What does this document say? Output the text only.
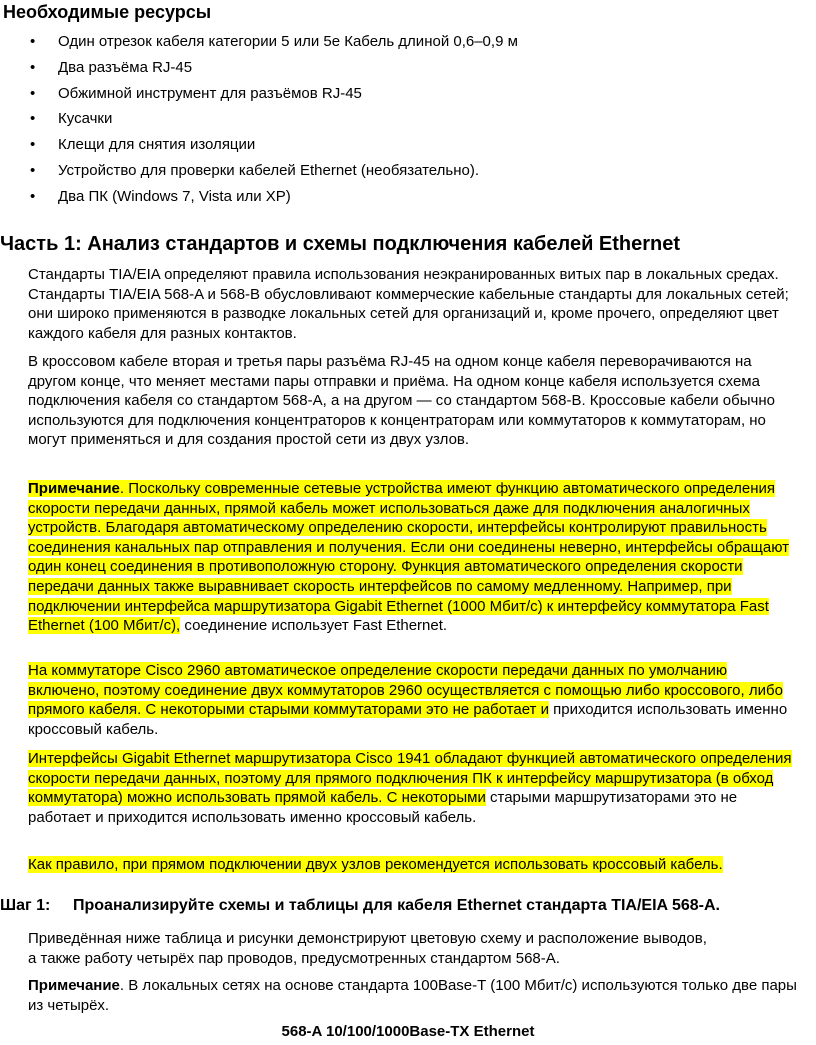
Необходимые ресурсы
• Один отрезок кабеля категории 5 или 5е Кабель длиной 0,6–0,9 м
• Два разъёма RJ-45
• Обжимной инструмент для разъёмов RJ-45
• Кусачки
• Клещи для снятия изоляции
• Устройство для проверки кабелей Ethernet (необязательно).
• Два ПК (Windows 7, Vista или XP)
Часть 1: Анализ стандартов и схемы подключения кабелей Ethernet

Стандарты TIA/EIA определяют правила использования неэкранированных витых пар в локальных средах. Стандарты TIA/EIA 568-A и 568-B обусловливают коммерческие кабельные стандарты для локальных сетей; они широко применяются в разводке локальных сетей для организаций и, кроме прочего, определяют цвет каждого кабеля для разных контактов.

В кроссовом кабеле вторая и третья пары разъёма RJ-45 на одном конце кабеля переворачиваются на другом конце, что меняет местами пары отправки и приёма. На одном конце кабеля используется схема подключения кабеля со стандартом 568-A, а на другом — со стандартом 568-B. Кроссовые кабели обычно используются для подключения концентраторов к концентраторам или коммутаторов к коммутаторам, но могут применяться и для создания простой сети из двух узлов.

Примечание. Поскольку современные сетевые устройства имеют функцию автоматического определения скорости передачи данных, прямой кабель может использоваться даже для подключения аналогичных устройств. Благодаря автоматическому определению скорости, интерфейсы контролируют правильность соединения канальных пар отправления и получения. Если они соединены неверно, интерфейсы обращают один конец соединения в противоположную сторону. Функция автоматического определения скорости передачи данных также выравнивает скорость интерфейсов по самому медленному. Например, при подключении интерфейса маршрутизатора Gigabit Ethernet (1000 Мбит/с) к интерфейсу коммутатора Fast Ethernet (100 Мбит/с), соединение использует Fast Ethernet.

На коммутаторе Cisco 2960 автоматическое определение скорости передачи данных по умолчанию включено, поэтому соединение двух коммутаторов 2960 осуществляется с помощью либо кроссового, либо прямого кабеля. С некоторыми старыми коммутаторами это не работает и приходится использовать именно кроссовый кабель.

Интерфейсы Gigabit Ethernet маршрутизатора Cisco 1941 обладают функцией автоматического определения скорости передачи данных, поэтому для прямого подключения ПК к интерфейсу маршрутизатора (в обход коммутатора) можно использовать прямой кабель. С некоторыми старыми маршрутизаторами это не работает и приходится использовать именно кроссовый кабель.

Как правило, при прямом подключении двух узлов рекомендуется использовать кроссовый кабель.

Шаг 1: Проанализируйте схемы и таблицы для кабеля Ethernet стандарта TIA/EIA 568-A.

Приведённая ниже таблица и рисунки демонстрируют цветовую схему и расположение выводов, а также работу четырёх пар проводов, предусмотренных стандартом 568-A.

Примечание. В локальных сетях на основе стандарта 100Base-T (100 Мбит/с) используются только две пары из четырёх.

568-A 10/100/1000Base-TX Ethernet
